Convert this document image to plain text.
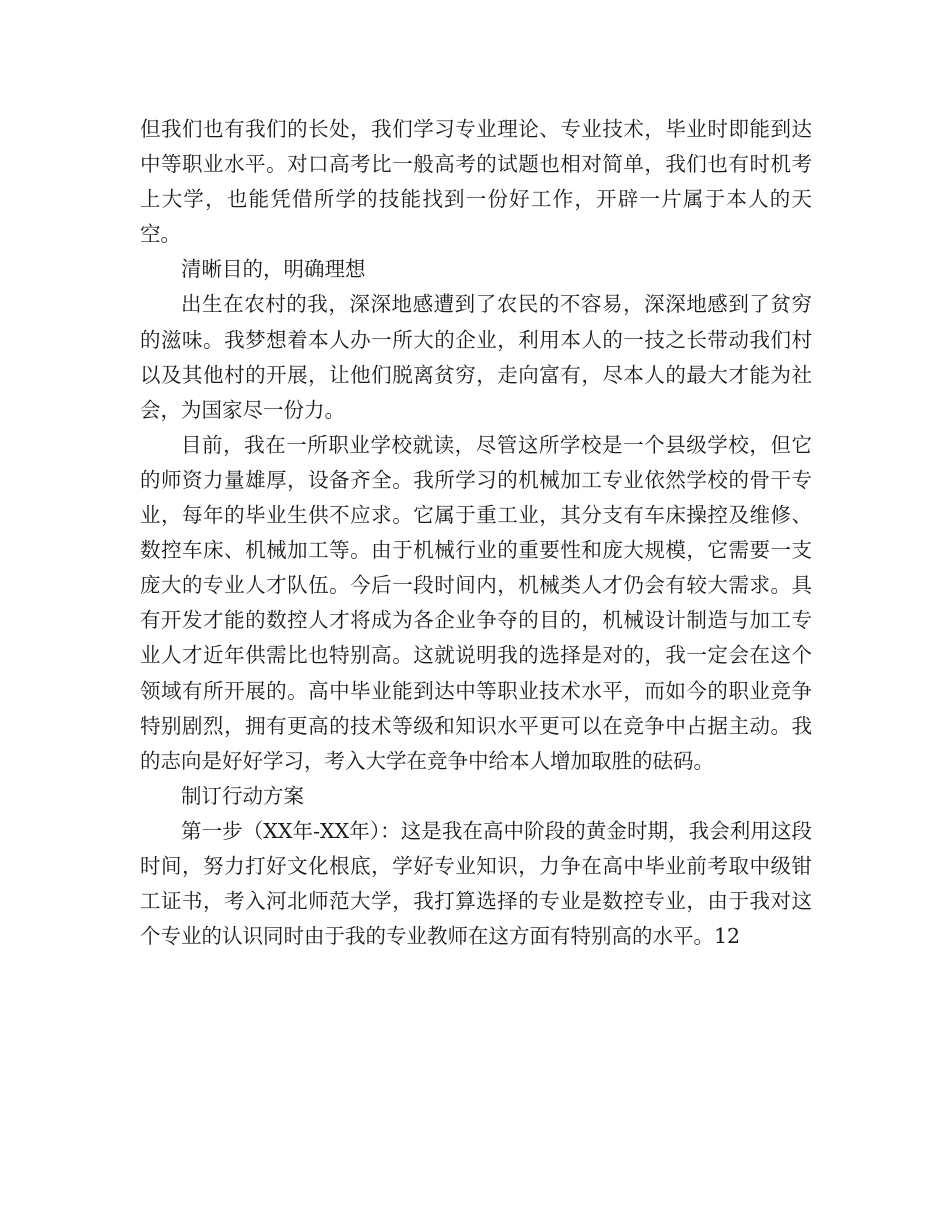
但我们也有我们的长处，我们学习专业理论、专业技术，毕业时即能到达中等职业水平。对口高考比一般高考的试题也相对简单，我们也有时机考上大学，也能凭借所学的技能找到一份好工作，开辟一片属于本人的天空。

清晰目的，明确理想

出生在农村的我，深深地感遭到了农民的不容易，深深地感到了贫穷的滋味。我梦想着本人办一所大的企业，利用本人的一技之长带动我们村以及其他村的开展，让他们脱离贫穷，走向富有，尽本人的最大才能为社会，为国家尽一份力。

目前，我在一所职业学校就读，尽管这所学校是一个县级学校，但它的师资力量雄厚，设备齐全。我所学习的机械加工专业依然学校的骨干专业，每年的毕业生供不应求。它属于重工业，其分支有车床操控及维修、数控车床、机械加工等。由于机械行业的重要性和庞大规模，它需要一支庞大的专业人才队伍。今后一段时间内，机械类人才仍会有较大需求。具有开发才能的数控人才将成为各企业争夺的目的，机械设计制造与加工专业人才近年供需比也特别高。这就说明我的选择是对的，我一定会在这个领域有所开展的。高中毕业能到达中等职业技术水平，而如今的职业竞争特别剧烈，拥有更高的技术等级和知识水平更可以在竞争中占据主动。我的志向是好好学习，考入大学在竞争中给本人增加取胜的砝码。

制订行动方案

第一步（XX年-XX年）：这是我在高中阶段的黄金时期，我会利用这段时间，努力打好文化根底，学好专业知识，力争在高中毕业前考取中级钳工证书，考入河北师范大学，我打算选择的专业是数控专业，由于我对这个专业的认识同时由于我的专业教师在这方面有特别高的水平。12
